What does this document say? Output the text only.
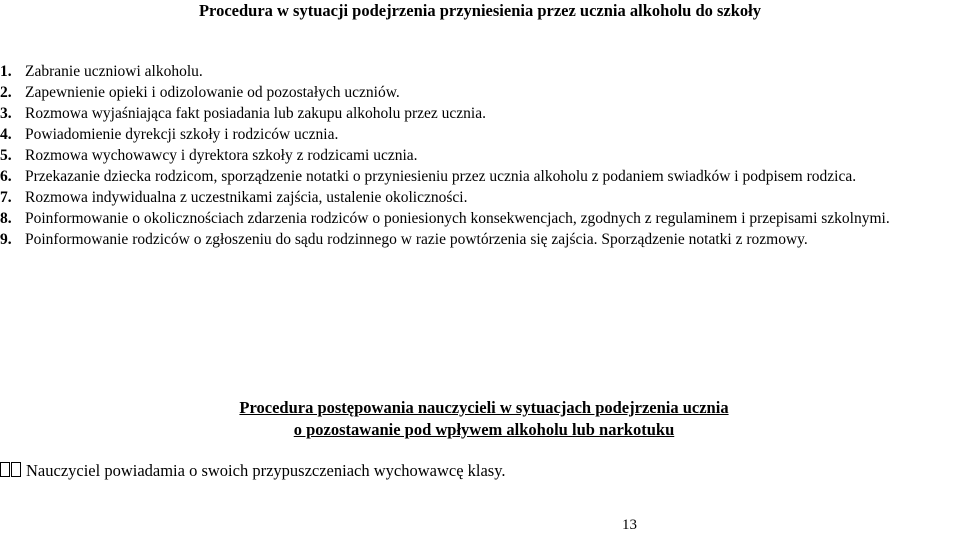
Procedura w sytuacji podejrzenia przyniesienia przez ucznia alkoholu do szkoły
1. Zabranie uczniowi alkoholu.
2. Zapewnienie opieki i odizolowanie od pozostałych uczniów.
3. Rozmowa wyjaśniająca fakt posiadania lub zakupu alkoholu przez ucznia.
4. Powiadomienie dyrekcji szkoły i rodziców ucznia.
5. Rozmowa wychowawcy i dyrektora szkoły z rodzicami ucznia.
6. Przekazanie dziecka rodzicom, sporządzenie notatki o przyniesieniu przez ucznia alkoholu z podaniem swiadków i podpisem rodzica.
7. Rozmowa indywidualna z uczestnikami zajścia, ustalenie okoliczności.
8. Poinformowanie o okolicznościach zdarzenia rodziców o poniesionych konsekwencjach, zgodnych z regulaminem i przepisami szkolnymi.
9. Poinformowanie rodziców o zgłoszeniu do sądu rodzinnego w razie powtórzenia się zajścia. Sporządzenie notatki z rozmowy.
Procedura postępowania nauczycieli w sytuacjach podejrzenia ucznia
o pozostawanie pod wpływem alkoholu lub narkotuku
Nauczyciel powiadamia o swoich przypuszczeniach wychowawcę klasy.
13
